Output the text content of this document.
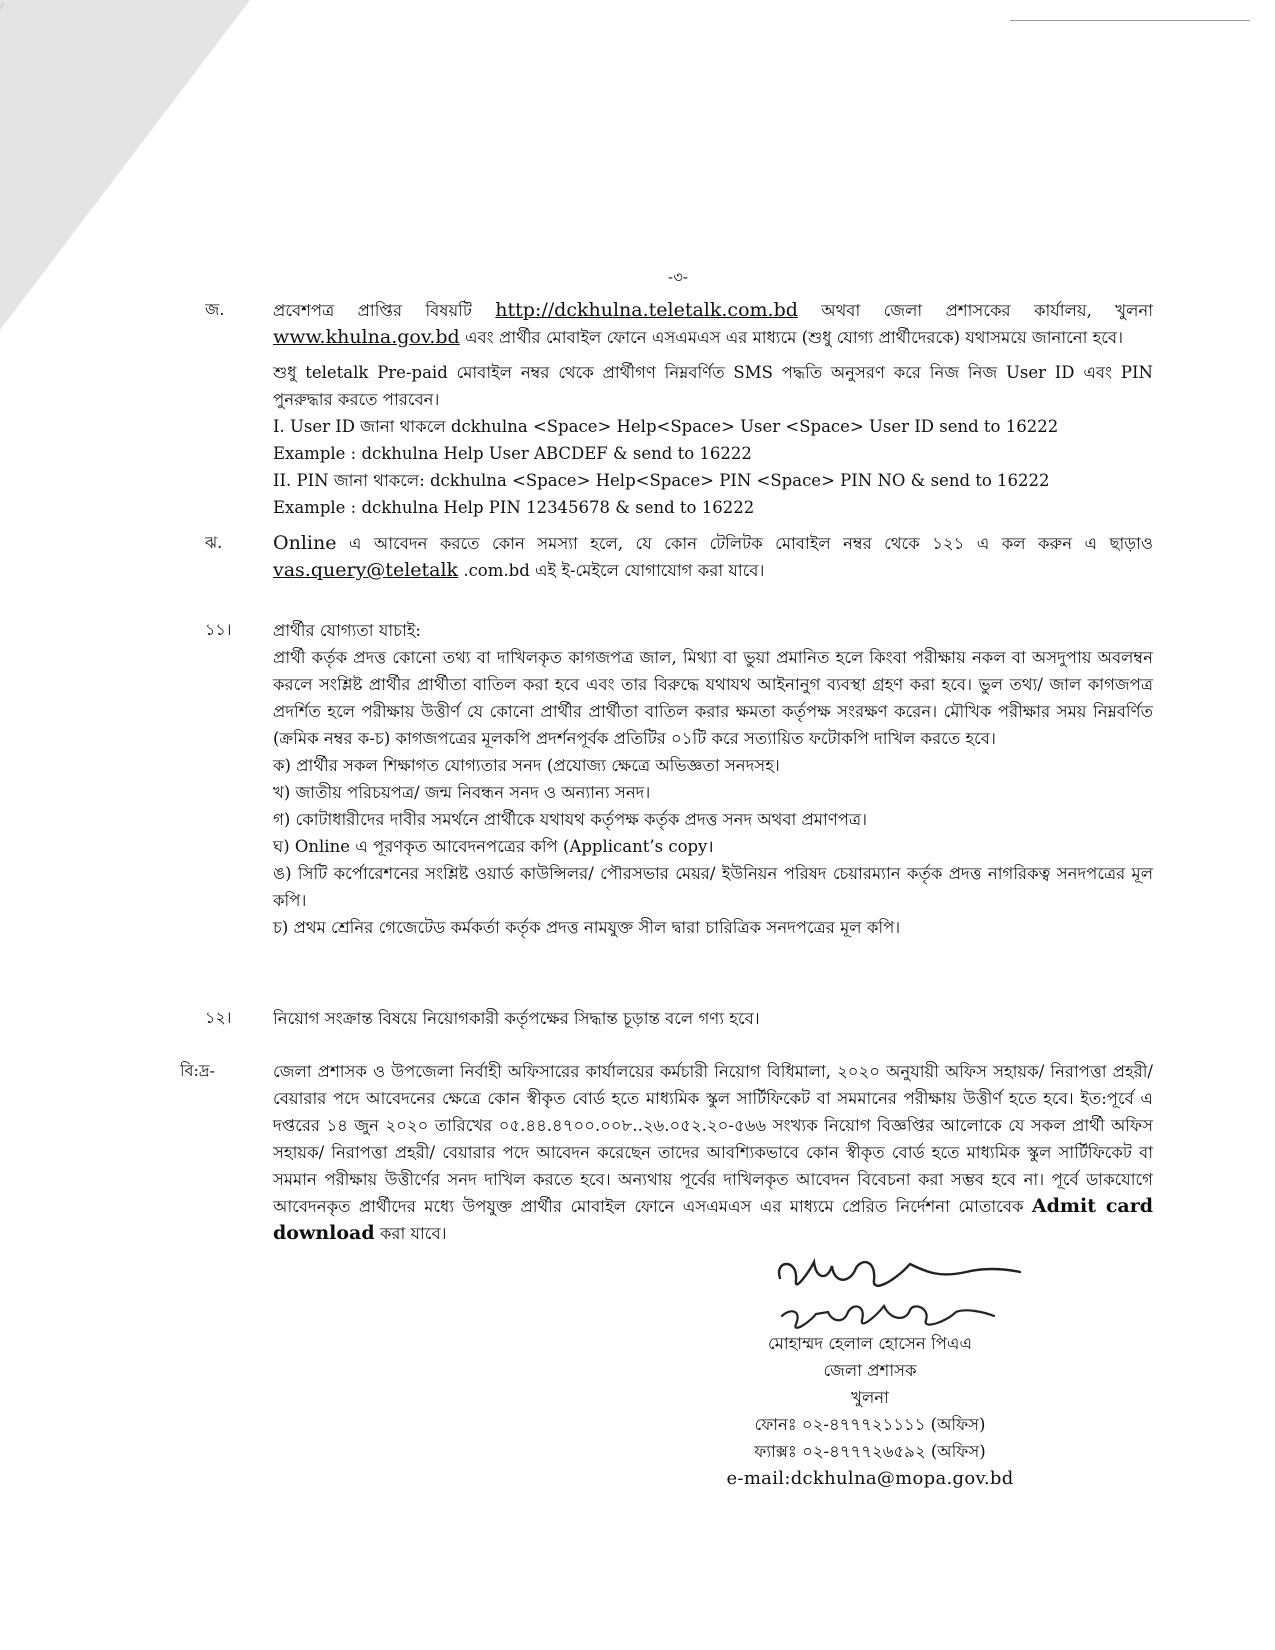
-৩-
জ.	প্রবেশপত্র প্রাপ্তির বিষয়টি http://dckhulna.teletalk.com.bd অথবা জেলা প্রশাসকের কার্যালয়, খুলনা www.khulna.gov.bd এবং প্রার্থীর মোবাইল ফোনে এসএমএস এর মাধ্যমে (শুধু যোগ্য প্রার্থীদেরকে) যথাসময়ে জানানো হবে।

শুধু teletalk Pre-paid মোবাইল নম্বর থেকে প্রার্থীগণ নিম্নবর্ণিত SMS পদ্ধতি অনুসরণ করে নিজ নিজ User ID এবং PIN পুনরুদ্ধার করতে পারবেন।

I. User ID জানা থাকলে dckhulna <Space> Help<Space> User <Space> User ID send to 16222

Example : dckhulna Help User ABCDEF & send to 16222

II. PIN জানা থাকলে: dckhulna <Space> Help<Space> PIN <Space> PIN NO & send to 16222

Example : dckhulna Help PIN 12345678 & send to 16222

ঝ.	Online এ আবেদন করতে কোন সমস্যা হলে, যে কোন টেলিটক মোবাইল নম্বর থেকে ১২১ এ কল করুন এ ছাড়াও vas.query@teletalk .com.bd এই ই-মেইলে যোগাযোগ করা যাবে।

১১।	প্রার্থীর যোগ্যতা যাচাই:

প্রার্থী কর্তৃক প্রদত্ত কোনো তথ্য বা দাখিলকৃত কাগজপত্র জাল, মিথ্যা বা ভুয়া প্রমানিত হলে কিংবা পরীক্ষায় নকল বা অসদুপায় অবলম্বন করলে সংশ্লিষ্ট প্রার্থীর প্রার্থীতা বাতিল করা হবে এবং তার বিরুদ্ধে যথাযথ আইনানুগ ব্যবস্থা গ্রহণ করা হবে। ভুল তথ্য/ জাল কাগজপত্র প্রদর্শিত হলে পরীক্ষায় উত্তীর্ণ যে কোনো প্রার্থীর প্রার্থীতা বাতিল করার ক্ষমতা কর্তৃপক্ষ সংরক্ষণ করেন। মৌখিক পরীক্ষার সময় নিম্নবর্ণিত (ক্রমিক নম্বর ক-চ) কাগজপত্রের মূলকপি প্রদর্শনপূর্বক প্রতিটির ০১টি করে সত্যায়িত ফটোকপি দাখিল করতে হবে।

ক) প্রার্থীর সকল শিক্ষাগত যোগ্যতার সনদ (প্রযোজ্য ক্ষেত্রে অভিজ্ঞতা সনদসহ।

খ) জাতীয় পরিচয়পত্র/ জন্ম নিবন্ধন সনদ ও অন্যান্য সনদ।

গ) কোটাধারীদের দাবীর সমর্থনে প্রার্থীকে যথাযথ কর্তৃপক্ষ কর্তৃক প্রদত্ত সনদ অথবা প্রমাণপত্র।

ঘ) Online এ পূরণকৃত আবেদনপত্রের কপি (Applicant’s copy।

ঙ) সিটি কর্পোরেশনের সংশ্লিষ্ট ওয়ার্ড কাউন্সিলর/ পৌরসভার মেয়র/ ইউনিয়ন পরিষদ চেয়ারম্যান কর্তৃক প্রদত্ত নাগরিকত্ব সনদপত্রের মূল কপি।

চ) প্রথম শ্রেনির গেজেটেড কর্মকর্তা কর্তৃক প্রদত্ত নামযুক্ত সীল দ্বারা চারিত্রিক সনদপত্রের মূল কপি।

১২।	নিয়োগ সংক্রান্ত বিষয়ে নিয়োগকারী কর্তৃপক্ষের সিদ্ধান্ত চূড়ান্ত বলে গণ্য হবে।
বি:দ্র-	জেলা প্রশাসক ও উপজেলা নির্বাহী অফিসারের কার্যালয়ের কর্মচারী নিয়োগ বিধিমালা, ২০২০ অনুযায়ী অফিস সহায়ক/ নিরাপত্তা প্রহরী/ বেয়ারার পদে আবেদনের ক্ষেত্রে কোন স্বীকৃত বোর্ড হতে মাধ্যমিক স্কুল সার্টিফিকেট বা সমমানের পরীক্ষায় উত্তীর্ণ হতে হবে। ইত:পূর্বে এ দপ্তরের ১৪ জুন ২০২০ তারিখের ০৫.৪৪.৪৭০০.০০৮..২৬.০৫২.২০-৫৬৬ সংখ্যক নিয়োগ বিজ্ঞপ্তির আলোকে যে সকল প্রার্থী অফিস সহায়ক/ নিরাপত্তা প্রহরী/ বেয়ারার পদে আবেদন করেছেন তাদের আবশ্যিকভাবে কোন স্বীকৃত বোর্ড হতে মাধ্যমিক স্কুল সার্টিফিকেট বা সমমান পরীক্ষায় উত্তীর্ণের সনদ দাখিল করতে হবে। অন্যথায় পূর্বের দাখিলকৃত আবেদন বিবেচনা করা সম্ভব হবে না। পূর্বে ডাকযোগে আবেদনকৃত প্রার্থীদের মধ্যে উপযুক্ত প্রার্থীর মোবাইল ফোনে এসএমএস এর মাধ্যমে প্রেরিত নির্দেশনা মোতাবেক Admit card download করা যাবে।

মোহাম্মদ হেলাল হোসেন পিএএ
জেলা প্রশাসক
খুলনা
ফোনঃ ০২-৪৭৭৭২১১১১ (অফিস)
ফ্যাক্সঃ ০২-৪৭৭৭২৬৫৯২ (অফিস)
e-mail:dckhulna@mopa.gov.bd
